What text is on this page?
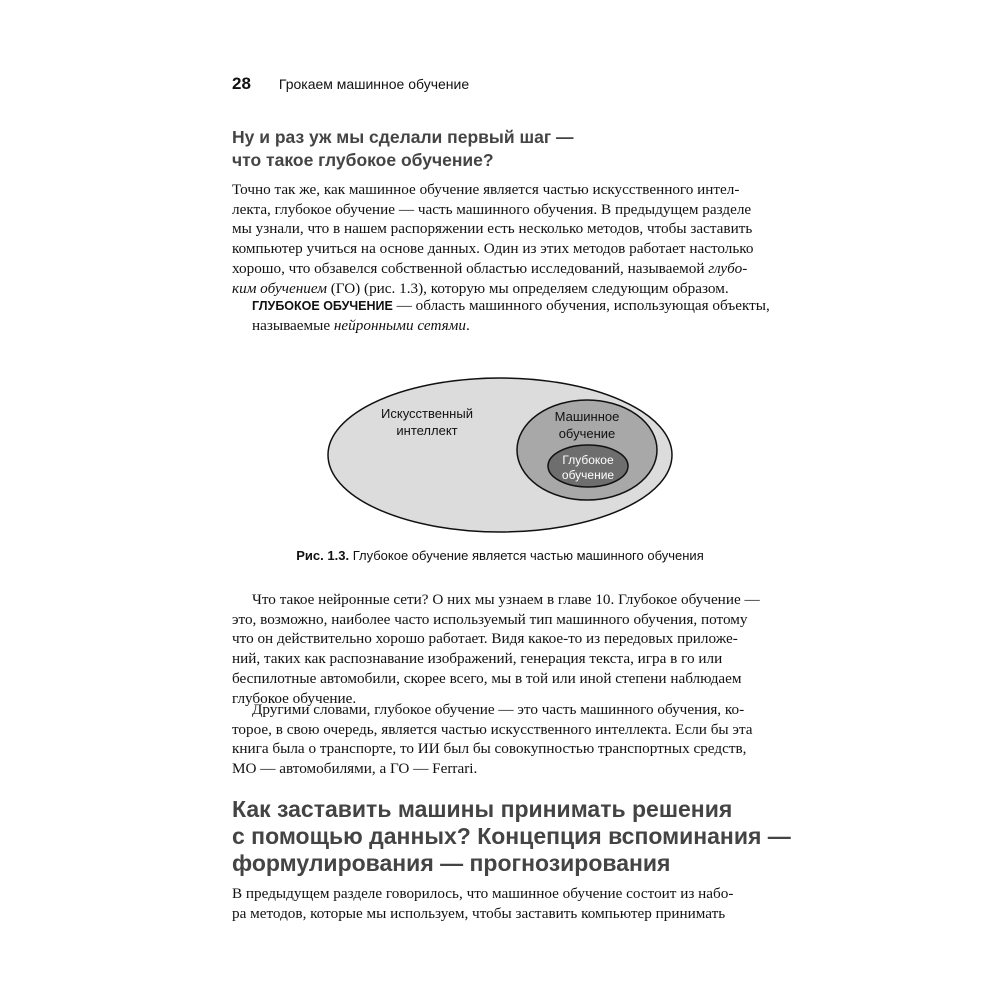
28 Грокаем машинное обучение
Ну и раз уж мы сделали первый шаг —
что такое глубокое обучение?
Точно так же, как машинное обучение является частью искусственного интел-
лекта, глубокое обучение — часть машинного обучения. В предыдущем разделе
мы узнали, что в нашем распоряжении есть несколько методов, чтобы заставить
компьютер учиться на основе данных. Один из этих методов работает настолько
хорошо, что обзавелся собственной областью исследований, называемой глубо-
ким обучением (ГО) (рис. 1.3), которую мы определяем следующим образом.
ГЛУБОКОЕ ОБУЧЕНИЕ — область машинного обучения, использующая объекты,
называемые нейронными сетями.
Искусственный
интеллект
Машинное
обучение
Глубокое
обучение
Рис. 1.3. Глубокое обучение является частью машинного обучения
Что такое нейронные сети? О них мы узнаем в главе 10. Глубокое обучение —
это, возможно, наиболее часто используемый тип машинного обучения, потому
что он действительно хорошо работает. Видя какое-то из передовых приложе-
ний, таких как распознавание изображений, генерация текста, игра в го или
беспилотные автомобили, скорее всего, мы в той или иной степени наблюдаем
глубокое обучение.
Другими словами, глубокое обучение — это часть машинного обучения, ко-
торое, в свою очередь, является частью искусственного интеллекта. Если бы эта
книга была о транспорте, то ИИ был бы совокупностью транспортных средств,
МО — автомобилями, а ГО — Ferrari.
Как заставить машины принимать решения
с помощью данных? Концепция вспоминания —
формулирования — прогнозирования
В предыдущем разделе говорилось, что машинное обучение состоит из набо-
ра методов, которые мы используем, чтобы заставить компьютер принимать
